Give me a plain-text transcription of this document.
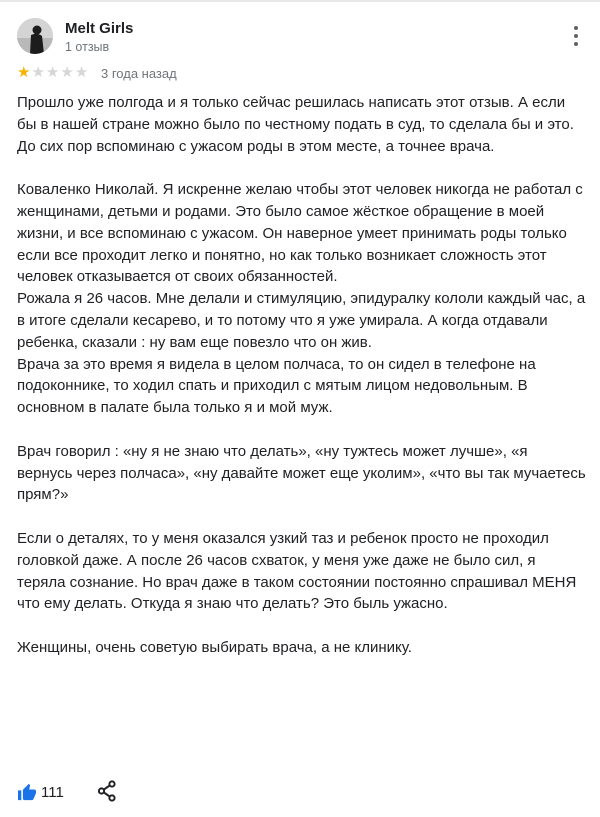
Melt Girls
1 отзыв
★★★★★ 3 года назад

Прошло уже полгода и я только сейчас решилась написать этот отзыв. А если бы в нашей стране можно было по честному подать в суд, то сделала бы и это. До сих пор вспоминаю с ужасом роды в этом месте, а точнее врача.

Коваленко Николай. Я искренне желаю чтобы этот человек никогда не работал с женщинами, детьми и родами. Это было самое жёсткое обращение в моей жизни, и все вспоминаю с ужасом. Он наверное умеет принимать роды только если все проходит легко и понятно, но как только возникает сложность этот человек отказывается от своих обязанностей.

Рожала я 26 часов. Мне делали и стимуляцию, эпидуралку кололи каждый час, а в итоге сделали кесарево, и то потому что я уже умирала. А когда отдавали ребенка, сказали : ну вам еще повезло что он жив.

Врача за это время я видела в целом полчаса, то он сидел в телефоне на подоконнике, то ходил спать и приходил с мятым лицом недовольным. В основном в палате была только я и мой муж.

Врач говорил : «ну я не знаю что делать», «ну тужтесь может лучше», «я вернусь через полчаса», «ну давайте может еще уколим», «что вы так мучаетесь прям?»

Если о деталях, то у меня оказался узкий таз и ребенок просто не проходил головкой даже. А после 26 часов схваток, у меня уже даже не было сил, я теряла сознание. Но врач даже в таком состоянии постоянно спрашивал МЕНЯ что ему делать. Откуда я знаю что делать? Это быль ужасно.

Женщины, очень советую выбирать врача, а не клинику.

111
